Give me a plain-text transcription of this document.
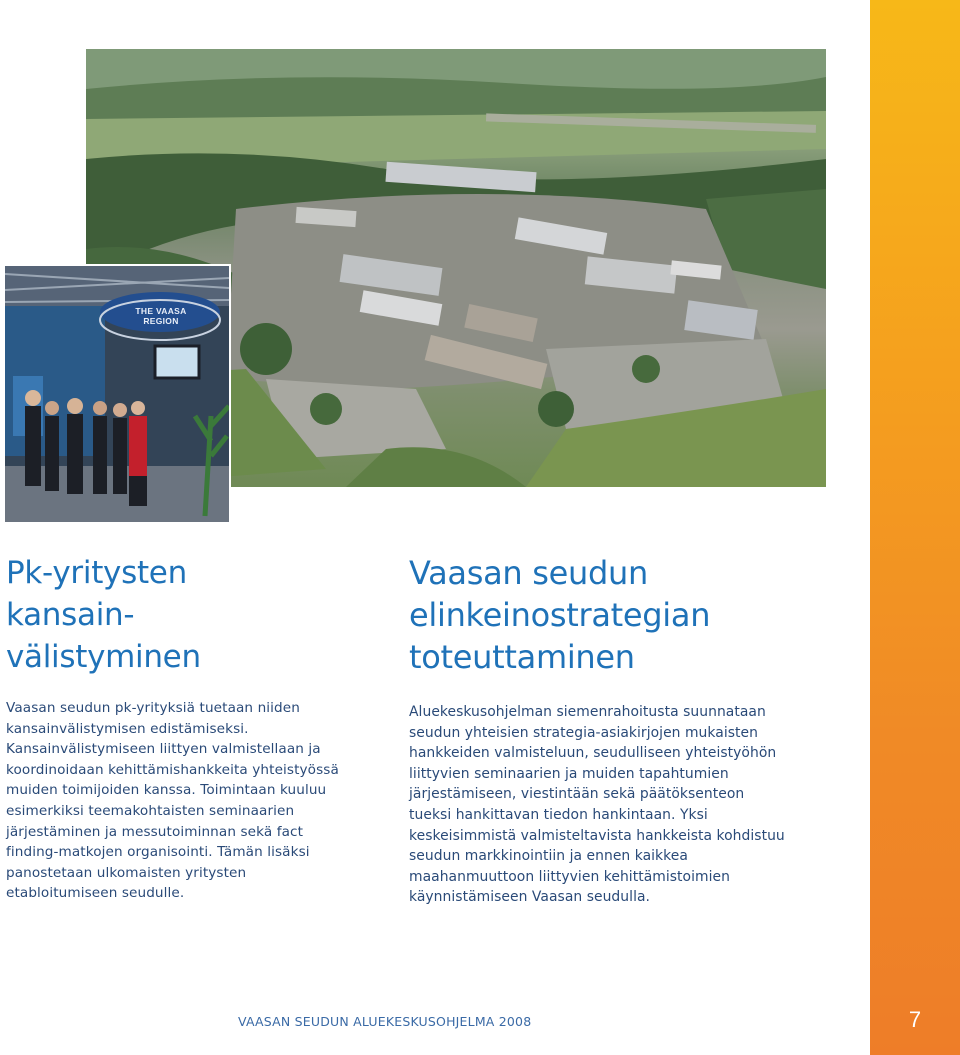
THE VAASA REGION
Pk-yritysten
kansain-
välistyminen

Vaasan seudun pk-yrityksiä tuetaan niiden kansainvälistymisen edistämiseksi. Kansainvälistymiseen liittyen valmistellaan ja koordinoidaan kehittämishankkeita yhteistyössä muiden toimijoiden kanssa. Toimintaan kuuluu esimerkiksi teemakohtaisten seminaarien järjestäminen ja messutoiminnan sekä fact finding-matkojen organisointi. Tämän lisäksi panostetaan ulkomaisten yritysten etabloitumiseen seudulle.

Vaasan seudun
elinkeinostrategian
toteuttaminen

Aluekeskusohjelman siemenrahoitusta suunnataan seudun yhteisien strategia-asiakirjojen mukaisten hankkeiden valmisteluun, seudulliseen yhteistyöhön liittyvien seminaarien ja muiden tapahtumien järjestämiseen, viestintään sekä päätöksenteon tueksi hankittavan tiedon hankintaan. Yksi keskeisimmistä valmisteltavista hankkeista kohdistuu seudun markkinointiin ja ennen kaikkea maahanmuuttoon liittyvien kehittämistoimien käynnistämiseen Vaasan seudulla.

VAASAN SEUDUN ALUEKESKUSOHJELMA 2008	7
